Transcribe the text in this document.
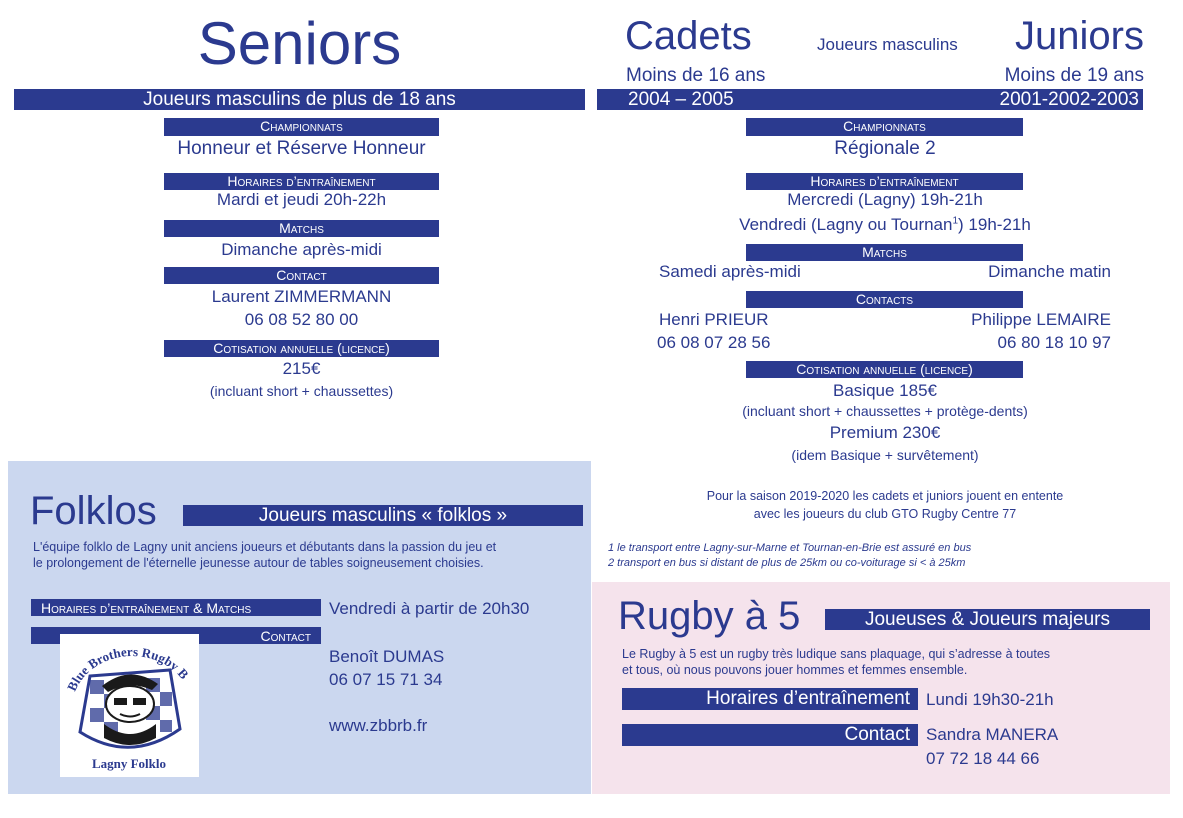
Seniors
Joueurs masculins de plus de 18 ans
Championnats
Honneur et Réserve Honneur
Horaires d’entraînement
Mardi et jeudi 20h-22h
Matchs
Dimanche après-midi
Contact
Laurent ZIMMERMANN
06 08 52 80 00
Cotisation annuelle (licence)
215€
(incluant short + chaussettes)
Cadets	Joueurs masculins	Juniors
Moins de 16 ans	Moins de 19 ans
2004 – 2005	2001-2002-2003
Championnats
Régionale 2
Horaires d’entraînement
Mercredi (Lagny) 19h-21h
Vendredi (Lagny ou Tournan$^1$) 19h-21h
Matchs
Samedi après-midi	Dimanche matin
Contacts
Henri PRIEUR
06 08 07 28 56
Philippe LEMAIRE
06 80 18 10 97
Cotisation annuelle (licence)
Basique 185€
(incluant short + chaussettes + protège-dents)
Premium 230€
(idem Basique + survêtement)
Pour la saison 2019-2020 les cadets et juniors jouent en entente
avec les joueurs du club GTO Rugby Centre 77
1 le transport entre Lagny-sur-Marne et Tournan-en-Brie est assuré en bus
2 transport en bus si distant de plus de 25km ou co-voiturage si < à 25km
Folklos	Joueurs masculins « folklos »
L'équipe folklo de Lagny unit anciens joueurs et débutants dans la passion du jeu et
le prolongement de l'éternelle jeunesse autour de tables soigneusement choisies.
Horaires d’entraînement & Matchs	Vendredi à partir de 20h30
Contact
Blue Brothers Rugby B
Lagny Folklo
Benoît DUMAS
06 07 15 71 34
www.zbbrb.fr
Rugby à 5	Joueuses & Joueurs majeurs
Le Rugby à 5 est un rugby très ludique sans plaquage, qui s’adresse à toutes
et tous, où nous pouvons jouer hommes et femmes ensemble.
Horaires d’entraînement Lundi 19h30-21h
Contact Sandra MANERA
07 72 18 44 66
